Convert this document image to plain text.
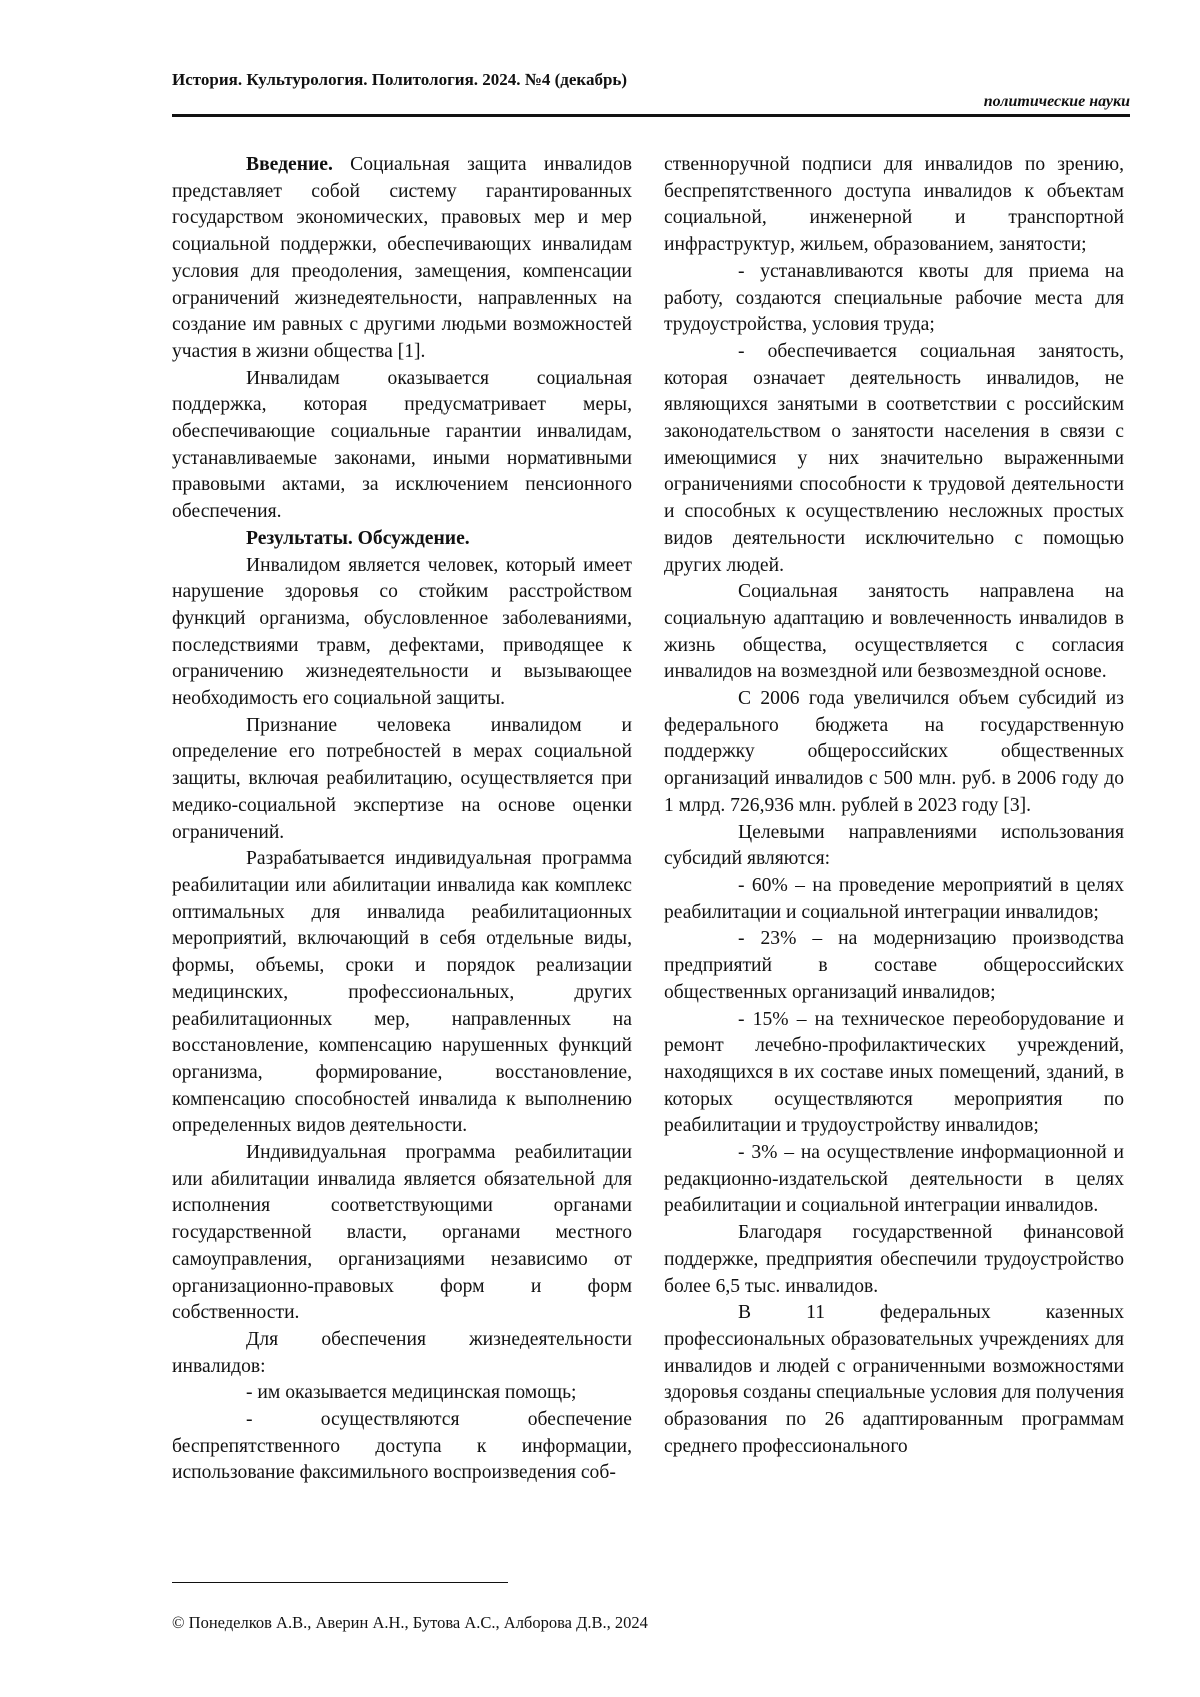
История. Культурология. Политология. 2024. №4 (декабрь)
политические науки

Введение. Социальная защита инвалидов представляет собой систему гарантированных государством экономических, правовых мер и мер социальной поддержки, обеспечивающих инвалидам условия для преодоления, замещения, компенсации ограничений жизнедеятельности, направленных на создание им равных с другими людьми возможностей участия в жизни общества [1].

Инвалидам оказывается социальная поддержка, которая предусматривает меры, обеспечивающие социальные гарантии инвалидам, устанавливаемые законами, иными нормативными правовыми актами, за исключением пенсионного обеспечения.

Результаты. Обсуждение.

Инвалидом является человек, который имеет нарушение здоровья со стойким расстройством функций организма, обусловленное заболеваниями, последствиями травм, дефектами, приводящее к ограничению жизнедеятельности и вызывающее необходимость его социальной защиты.

Признание человека инвалидом и определение его потребностей в мерах социальной защиты, включая реабилитацию, осуществляется при медико-социальной экспертизе на основе оценки ограничений.

Разрабатывается индивидуальная программа реабилитации или абилитации инвалида как комплекс оптимальных для инвалида реабилитационных мероприятий, включающий в себя отдельные виды, формы, объемы, сроки и порядок реализации медицинских, профессиональных, других реабилитационных мер, направленных на восстановление, компенсацию нарушенных функций организма, формирование, восстановление, компенсацию способностей инвалида к выполнению определенных видов деятельности.

Индивидуальная программа реабилитации или абилитации инвалида является обязательной для исполнения соответствующими органами государственной власти, органами местного самоуправления, организациями независимо от организационно-правовых форм и форм собственности.

Для обеспечения жизнедеятельности инвалидов:

- им оказывается медицинская помощь;

- осуществляются обеспечение беспрепятственного доступа к информации, использование факсимильного воспроизведения соб-

ственноручной подписи для инвалидов по зрению, беспрепятственного доступа инвалидов к объектам социальной, инженерной и транспортной инфраструктур, жильем, образованием, занятости;

- устанавливаются квоты для приема на работу, создаются специальные рабочие места для трудоустройства, условия труда;

- обеспечивается социальная занятость, которая означает деятельность инвалидов, не являющихся занятыми в соответствии с российским законодательством о занятости населения в связи с имеющимися у них значительно выраженными ограничениями способности к трудовой деятельности и способных к осуществлению несложных простых видов деятельности исключительно с помощью других людей.

Социальная занятость направлена на социальную адаптацию и вовлеченность инвалидов в жизнь общества, осуществляется с согласия инвалидов на возмездной или безвозмездной основе.

С 2006 года увеличился объем субсидий из федерального бюджета на государственную поддержку общероссийских общественных организаций инвалидов с 500 млн. руб. в 2006 году до 1 млрд. 726,936 млн. рублей в 2023 году [3].

Целевыми направлениями использования субсидий являются:

- 60% – на проведение мероприятий в целях реабилитации и социальной интеграции инвалидов;

- 23% – на модернизацию производства предприятий в составе общероссийских общественных организаций инвалидов;

- 15% – на техническое переоборудование и ремонт лечебно-профилактических учреждений, находящихся в их составе иных помещений, зданий, в которых осуществляются мероприятия по реабилитации и трудоустройству инвалидов;

- 3% – на осуществление информационной и редакционно-издательской деятельности в целях реабилитации и социальной интеграции инвалидов.

Благодаря государственной финансовой поддержке, предприятия обеспечили трудоустройство более 6,5 тыс. инвалидов.

В 11 федеральных казенных профессиональных образовательных учреждениях для инвалидов и людей с ограниченными возможностями здоровья созданы специальные условия для получения образования по 26 адаптированным программам среднего профессионального

© Понеделков А.В., Аверин А.Н., Бутова А.С., Алборова Д.В., 2024
